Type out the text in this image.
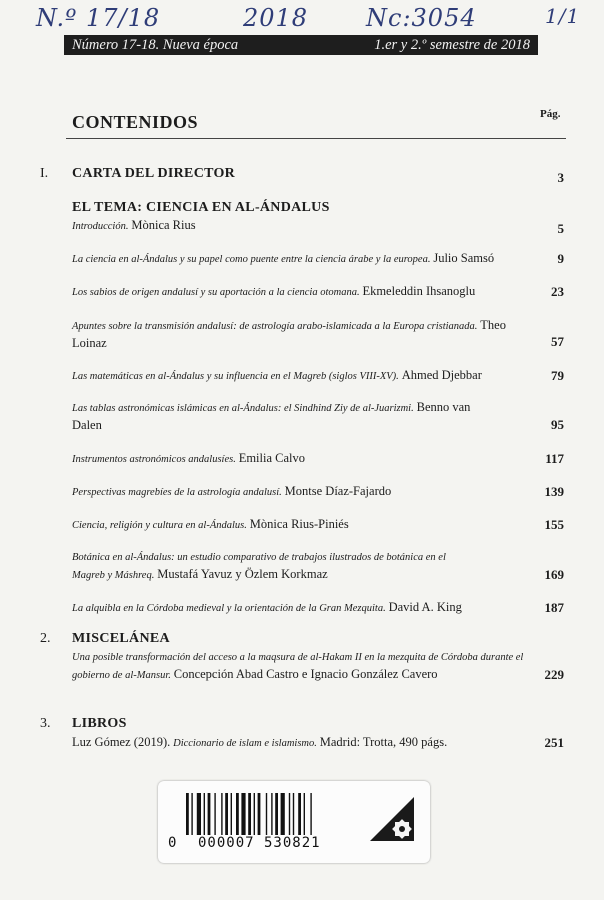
N.º 17/18	2018 Nc:3054	1/1
Número 17-18. Nueva época	1.er y 2.º semestre de 2018
CONTENIDOS	Pág.
I. CARTA DEL DIRECTOR	3
EL TEMA: CIENCIA EN AL-ÁNDALUS
Introducción. Mònica Rius	5
La ciencia en al-Ándalus y su papel como puente entre la ciencia árabe y la europea. Julio Samsó	9
Los sabios de origen andalusí y su aportación a la ciencia otomana. Ekmeleddin Ihsanoglu	23
Apuntes sobre la transmisión andalusí: de astrología arabo-islamicada a la Europa cristianada. Theo Loinaz	57
Las matemáticas en al-Ándalus y su influencia en el Magreb (siglos VIII-XV). Ahmed Djebbar	79
Las tablas astronómicas islámicas en al-Ándalus: el Sindhind Ziy de al-Juarizmi. Benno van Dalen	95
Instrumentos astronómicos andalusíes. Emilia Calvo	117
Perspectivas magrebíes de la astrología andalusí. Montse Díaz-Fajardo	139
Ciencia, religión y cultura en al-Ándalus. Mònica Rius-Piniés	155
Botánica en al-Ándalus: un estudio comparativo de trabajos ilustrados de botánica en el Magreb y Máshreq. Mustafá Yavuz y Özlem Korkmaz	169
La alquibla en la Córdoba medieval y la orientación de la Gran Mezquita. David A. King	187
2. MISCELÁNEA
Una posible transformación del acceso a la maqsura de al-Hakam II en la mezquita de Córdoba durante el gobierno de al-Mansur. Concepción Abad Castro e Ignacio González Cavero	229
3. LIBROS
Luz Gómez (2019). Diccionario de islam e islamismo. Madrid: Trotta, 490 págs.	251
0 000007 530821
